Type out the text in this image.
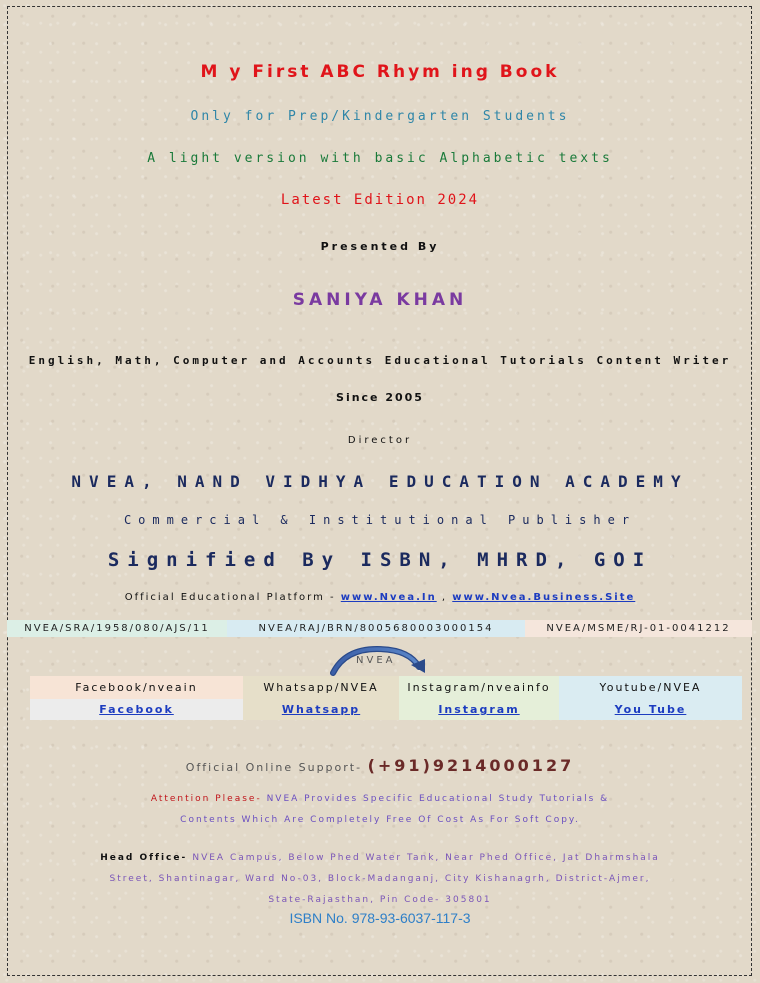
M y First ABC Rhym ing Book
Only for Prep/Kindergarten Students
A light version with basic Alphabetic texts
Latest Edition 2024
Presented By
SANIYA KHAN
English, Math, Computer and Accounts Educational Tutorials Content Writer
Since 2005
Director
NVEA, NAND VIDHYA EDUCATION ACADEMY
Commercial & Institutional Publisher
Signified By ISBN, MHRD, GOI
Official Educational Platform - www.Nvea.In , www.Nvea.Business.Site
NVEA/SRA/1958/080/AJS/11	NVEA/RAJ/BRN/8005680003000154	NVEA/MSME/RJ-01-0041212
NVEA
Facebook/nveain
Facebook
Whatsapp/NVEA
Whatsapp
Instagram/nveainfo
Instagram
Youtube/NVEA
You Tube
Official Online Support- (+91)9214000127
Attention Please- NVEA Provides Specific Educational Study Tutorials &
Contents Which Are Completely Free Of Cost As For Soft Copy.
Head Office- NVEA Campus, Below Phed Water Tank, Near Phed Office, Jat Dharmshala
Street, Shantinagar, Ward No-03, Block-Madanganj, City Kishanagrh, District-Ajmer,
State-Rajasthan, Pin Code- 305801
ISBN No. 978-93-6037-117-3
